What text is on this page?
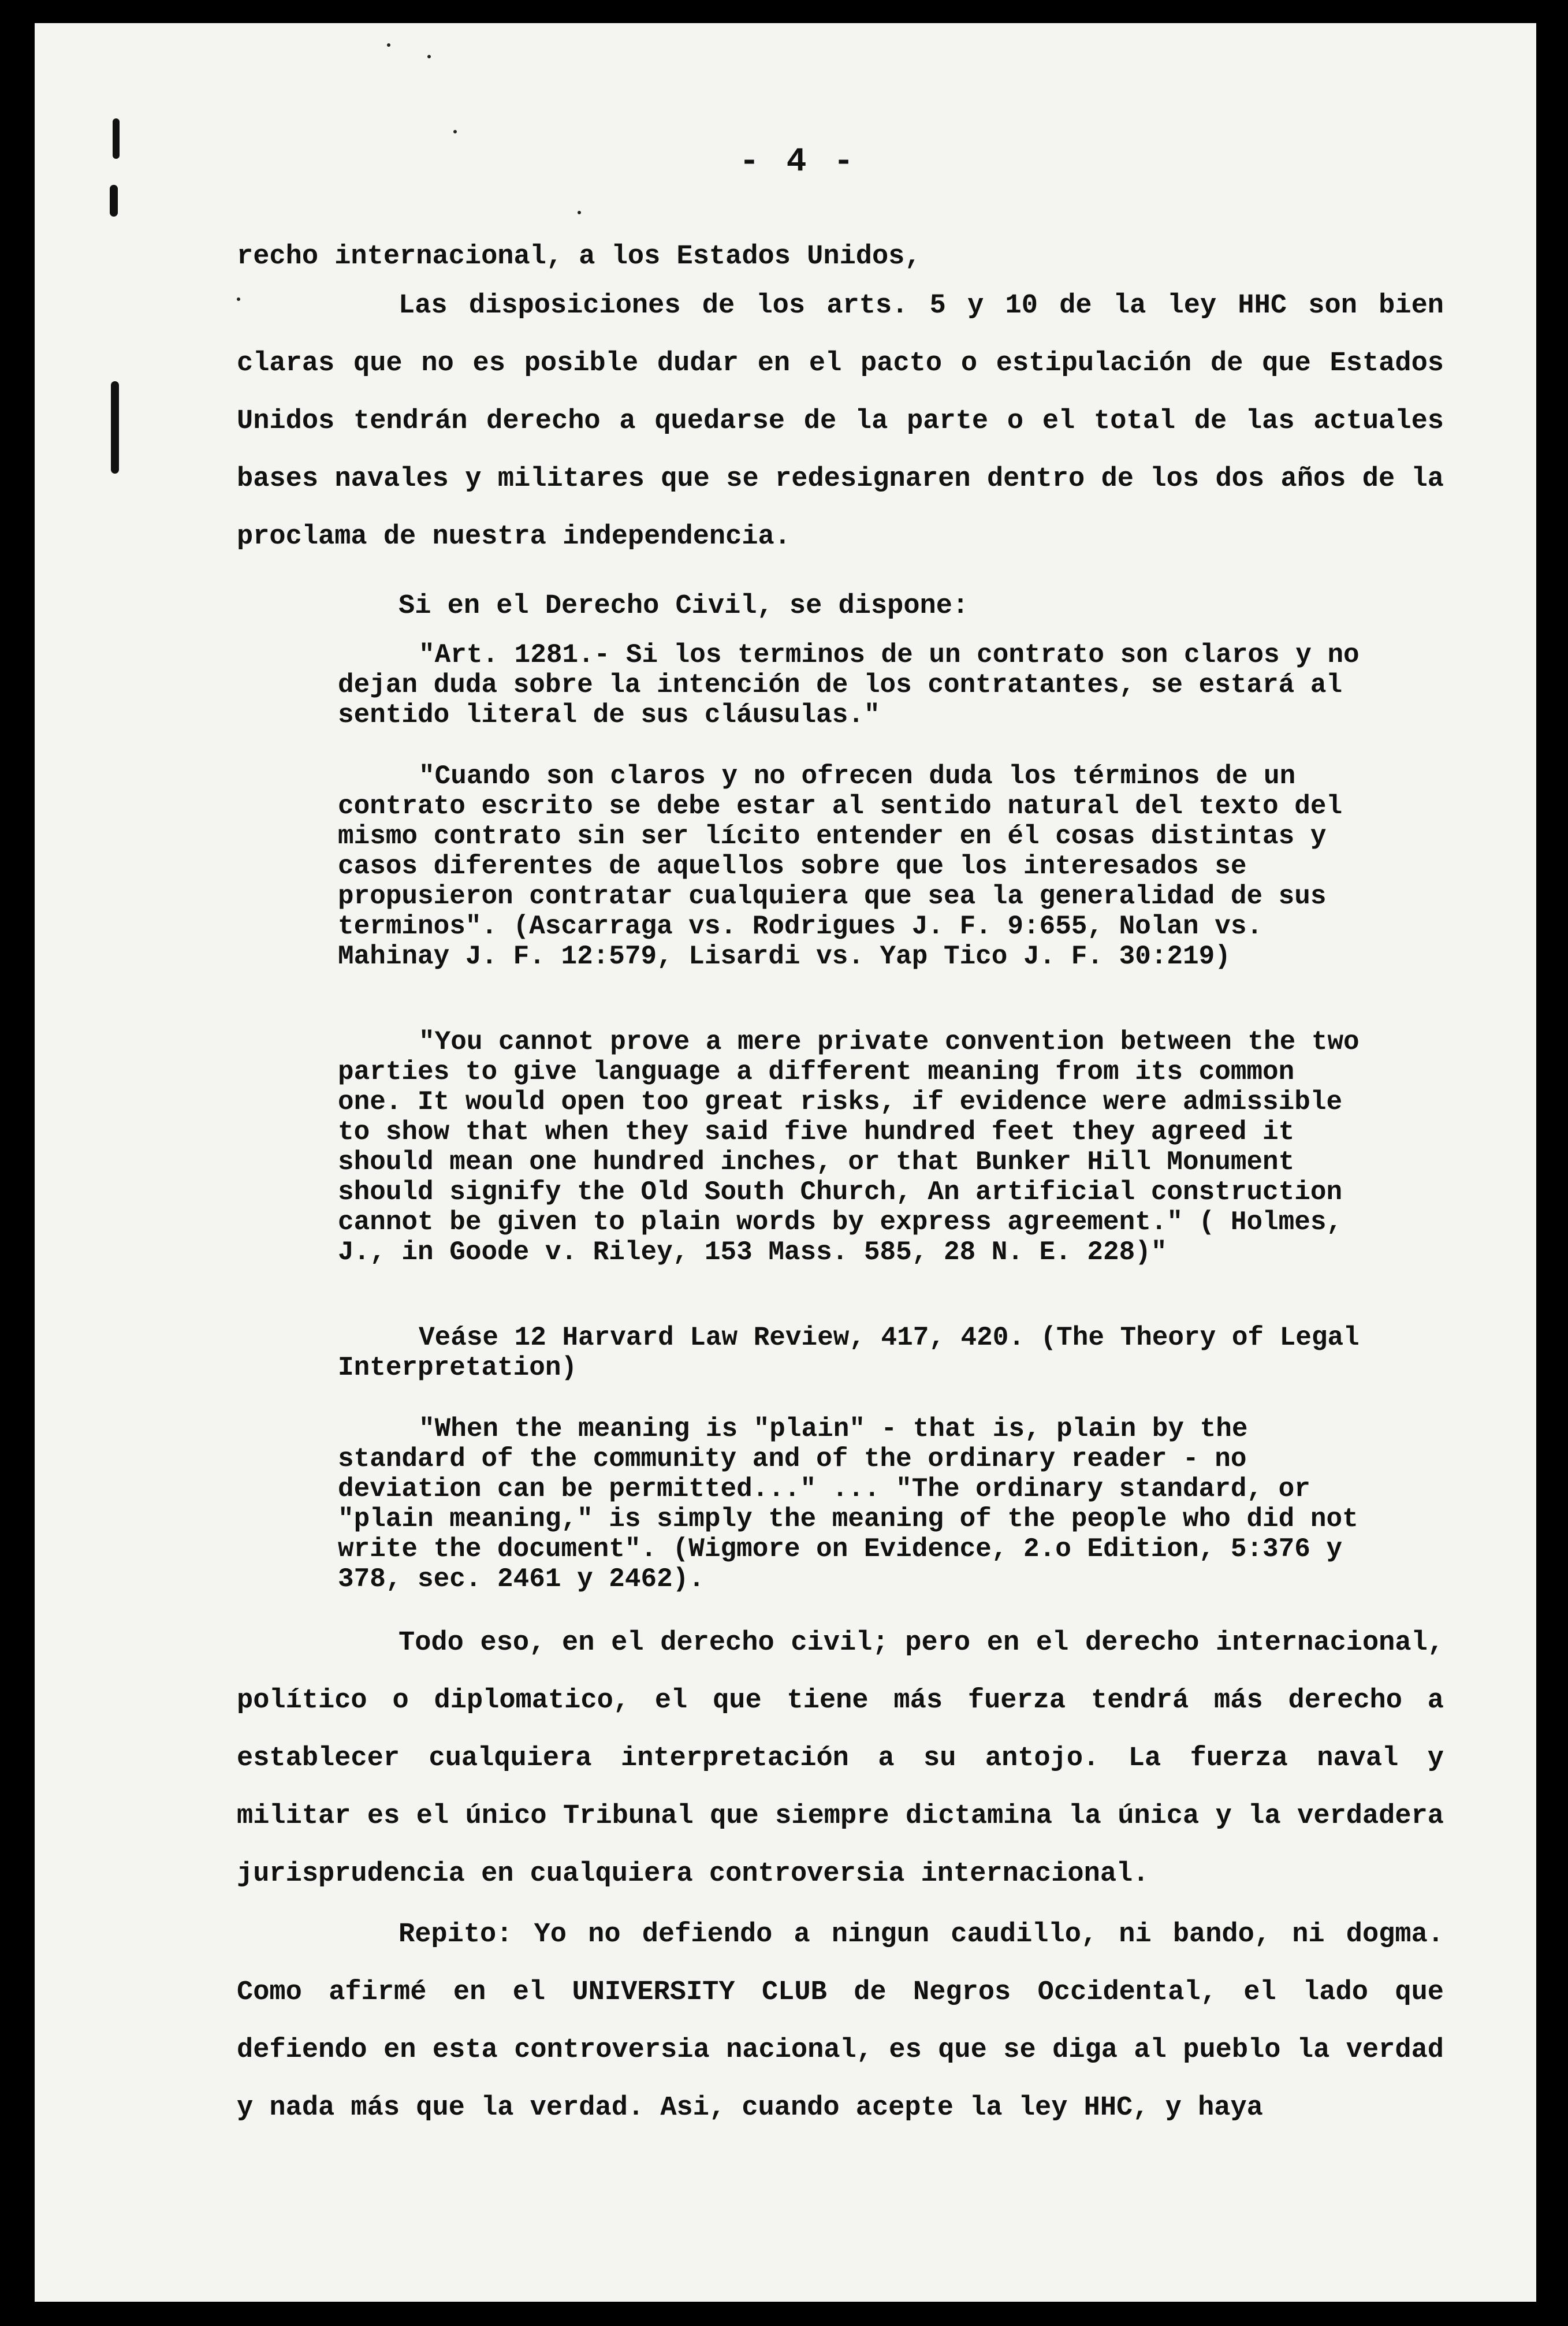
- 4 -

recho internacional, a los Estados Unidos,

Las disposiciones de los arts. 5 y 10 de la ley HHC son bien claras que no es posible dudar en el pacto o estipulación de que Estados Unidos tendrán derecho a quedarse de la parte o el total de las actuales bases navales y militares que se redesignaren dentro de los dos años de la proclama de nuestra independencia.

Si en el Derecho Civil, se dispone:

"Art. 1281.- Si los terminos de un contrato son claros y no dejan duda sobre la intención de los contratantes, se estará al sentido literal de sus cláusulas."

"Cuando son claros y no ofrecen duda los términos de un contrato escrito se debe estar al sentido natural del texto del mismo contrato sin ser lícito entender en él cosas distintas y casos diferentes de aquellos sobre que los interesados se propusieron contratar cualquiera que sea la generalidad de sus terminos". (Ascarraga vs. Rodrigues J. F. 9:655, Nolan vs. Mahinay J. F. 12:579, Lisardi vs. Yap Tico J. F. 30:219)

"You cannot prove a mere private convention between the two parties to give language a different meaning from its common one. It would open too great risks, if evidence were admissible to show that when they said five hundred feet they agreed it should mean one hundred inches, or that Bunker Hill Monument should signify the Old South Church, An artificial construction cannot be given to plain words by express agreement." ( Holmes, J., in Goode v. Riley, 153 Mass. 585, 28 N. E. 228)"

Veáse 12 Harvard Law Review, 417, 420. (The Theory of Legal Interpretation)

"When the meaning is "plain" - that is, plain by the standard of the community and of the ordinary reader - no deviation can be permitted..." ... "The ordinary standard, or "plain meaning," is simply the meaning of the people who did not write the document". (Wigmore on Evidence, 2.o Edition, 5:376 y 378, sec. 2461 y 2462).

Todo eso, en el derecho civil; pero en el derecho internacional, político o diplomatico, el que tiene más fuerza tendrá más derecho a establecer cualquiera interpretación a su antojo. La fuerza naval y militar es el único Tribunal que siempre dictamina la única y la verdadera jurisprudencia en cualquiera controversia internacional.

Repito: Yo no defiendo a ningun caudillo, ni bando, ni dogma. Como afirmé en el UNIVERSITY CLUB de Negros Occidental, el lado que defiendo en esta controversia nacional, es que se diga al pueblo la verdad y nada más que la verdad. Asi, cuando acepte la ley HHC, y haya
